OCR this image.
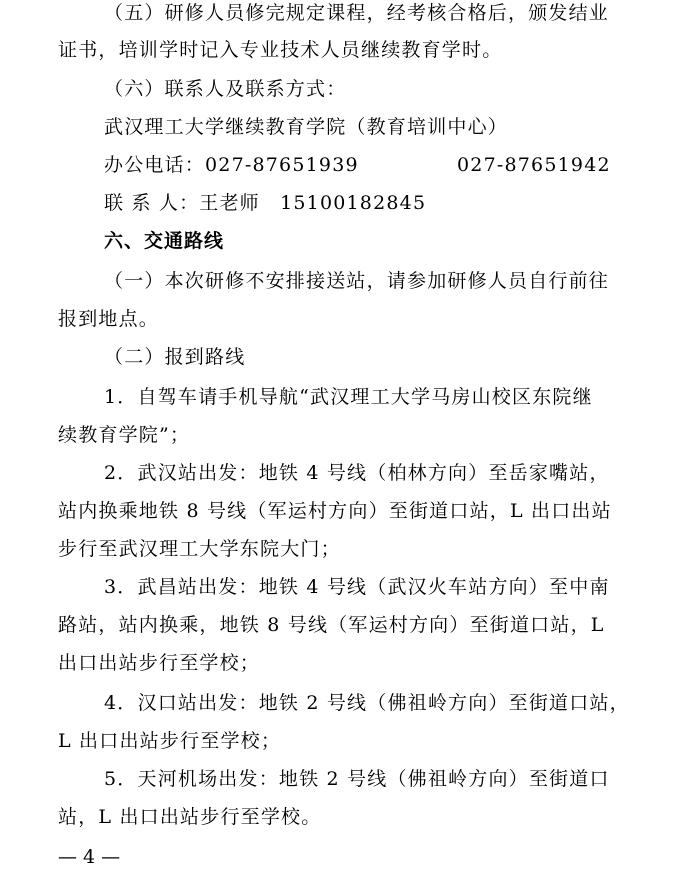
（五）研修人员修完规定课程，经考核合格后，颁发结业
证书，培训学时记入专业技术人员继续教育学时。
（六）联系人及联系方式：
武汉理工大学继续教育学院（教育培训中心）
办公电话：027-87651939	027-87651942
联 系 人：王老师　15100182845
六、交通路线
（一）本次研修不安排接送站，请参加研修人员自行前往
报到地点。
（二）报到路线
1．自驾车请手机导航“武汉理工大学马房山校区东院继
续教育学院”；
2．武汉站出发：地铁 4 号线（柏林方向）至岳家嘴站，
站内换乘地铁 8 号线（军运村方向）至街道口站，L 出口出站
步行至武汉理工大学东院大门；
3．武昌站出发：地铁 4 号线（武汉火车站方向）至中南
路站，站内换乘，地铁 8 号线（军运村方向）至街道口站，L
出口出站步行至学校；
4．汉口站出发：地铁 2 号线（佛祖岭方向）至街道口站，
L 出口出站步行至学校；
5．天河机场出发：地铁 2 号线（佛祖岭方向）至街道口
站，L 出口出站步行至学校。
— 4 —
